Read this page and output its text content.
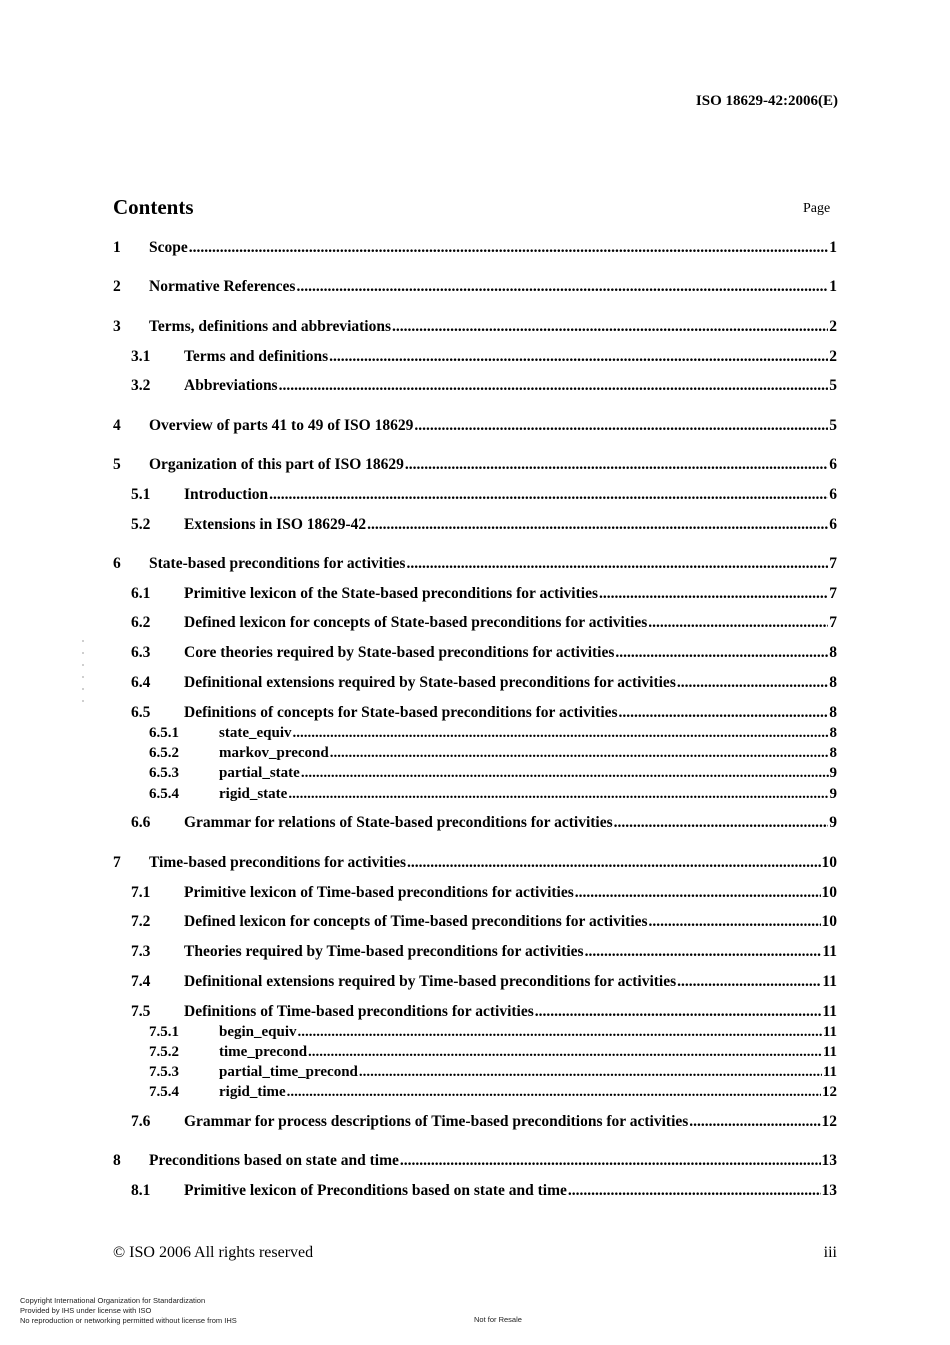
ISO 18629-42:2006(E)
Contents	Page
1	Scope .....	1
2	Normative References .....	1
3	Terms, definitions and abbreviations .....	2
3.1	Terms and definitions .....	2
3.2	Abbreviations .....	5
4	Overview of parts 41 to 49 of ISO 18629 .....	5
5	Organization of this part of ISO 18629 .....	6
5.1	Introduction .....	6
5.2	Extensions in ISO 18629-42 .....	6
6	State-based preconditions for activities .....	7
6.1	Primitive lexicon of the State-based preconditions for activities .....	7
6.2	Defined lexicon for concepts of State-based preconditions for activities .....	7
6.3	Core theories required by State-based preconditions for activities .....	8
6.4	Definitional extensions required by State-based preconditions for activities .....	8
6.5	Definitions of concepts for State-based preconditions for activities .....	8
6.5.1	state_equiv .....	8
6.5.2	markov_precond .....	8
6.5.3	partial_state .....	9
6.5.4	rigid_state .....	9
6.6	Grammar for relations of State-based preconditions for activities .....	9
7	Time-based preconditions for activities .....	10
7.1	Primitive lexicon of Time-based preconditions for activities .....	10
7.2	Defined lexicon for concepts of Time-based preconditions for activities .....	10
7.3	Theories required by Time-based preconditions for activities .....	11
7.4	Definitional extensions required by Time-based preconditions for activities .....	11
7.5	Definitions of Time-based preconditions for activities .....	11
7.5.1	begin_equiv .....	11
7.5.2	time_precond .....	11
7.5.3	partial_time_precond .....	11
7.5.4	rigid_time .....	12
7.6	Grammar for process descriptions of Time-based preconditions for activities .....	12
8	Preconditions based on state and time .....	13
8.1	Primitive lexicon of Preconditions based on state and time .....	13
© ISO 2006 All rights reserved	iii
Copyright International Organization for Standardization
Provided by IHS under license with ISO
No reproduction or networking permitted without license from IHS	Not for Resale
